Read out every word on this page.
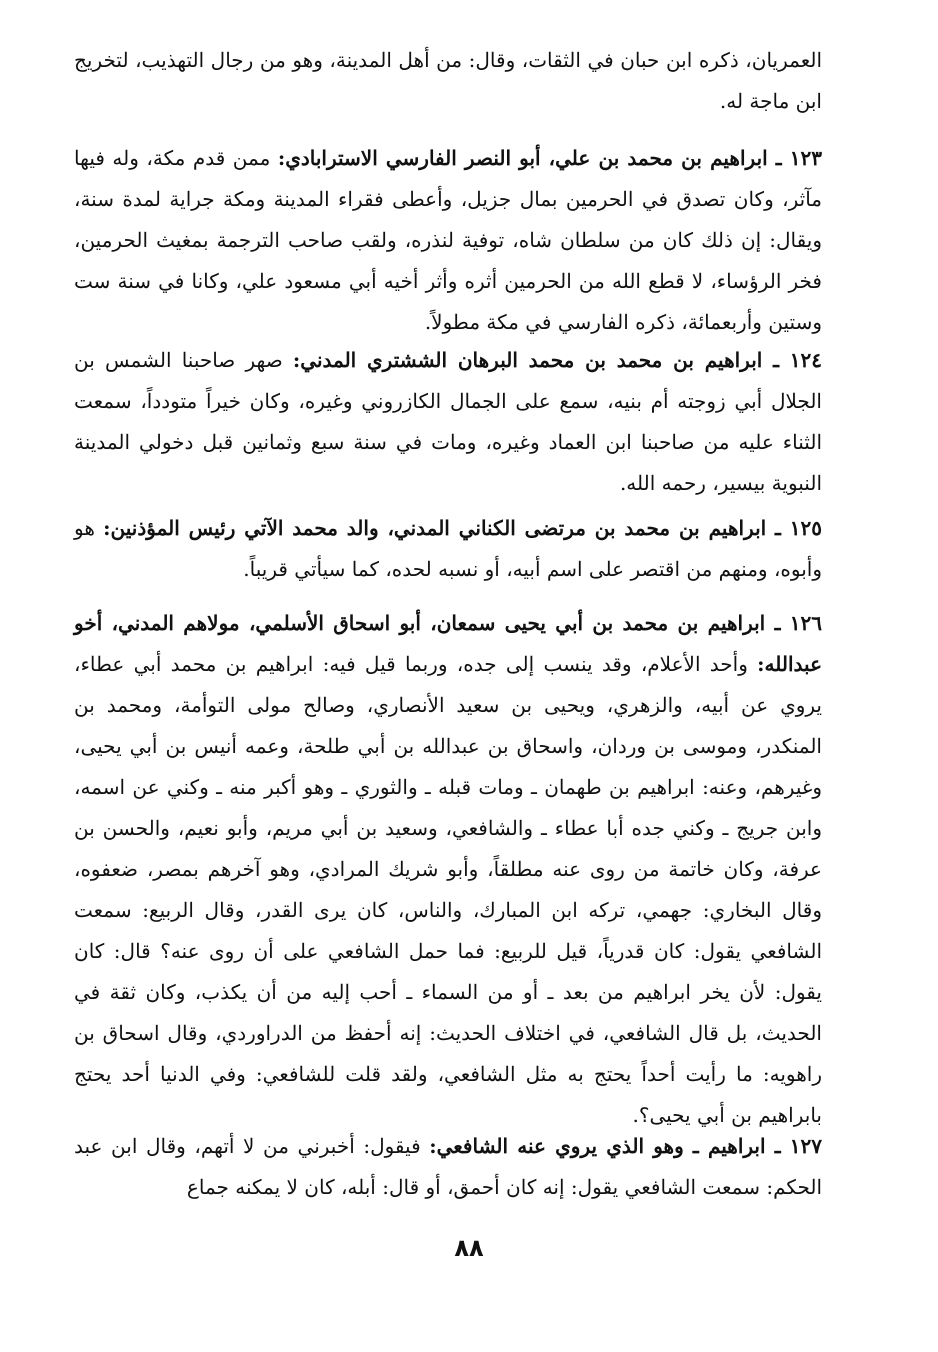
العمريان، ذكره ابن حبان في الثقات، وقال: من أهل المدينة، وهو من رجال التهذيب، لتخريج ابن ماجة له.

١٢٣ ـ ابراهيم بن محمد بن علي، أبو النصر الفارسي الاسترابادي: ممن قدم مكة، وله فيها مآثر، وكان تصدق في الحرمين بمال جزيل، وأعطى فقراء المدينة ومكة جراية لمدة سنة، ويقال: إن ذلك كان من سلطان شاه، توفية لنذره، ولقب صاحب الترجمة بمغيث الحرمين، فخر الرؤساء، لا قطع الله من الحرمين أثره وأثر أخيه أبي مسعود علي، وكانا في سنة ست وستين وأربعمائة، ذكره الفارسي في مكة مطولاً.

١٢٤ ـ ابراهيم بن محمد بن محمد البرهان الششتري المدني: صهر صاحبنا الشمس بن الجلال أبي زوجته أم بنيه، سمع على الجمال الكازروني وغيره، وكان خيراً متودداً، سمعت الثناء عليه من صاحبنا ابن العماد وغيره، ومات في سنة سبع وثمانين قبل دخولي المدينة النبوية بيسير، رحمه الله.

١٢٥ ـ ابراهيم بن محمد بن مرتضى الكناني المدني، والد محمد الآتي رئيس المؤذنين: هو وأبوه، ومنهم من اقتصر على اسم أبيه، أو نسبه لحده، كما سيأتي قريباً.

١٢٦ ـ ابراهيم بن محمد بن أبي يحيى سمعان، أبو اسحاق الأسلمي، مولاهم المدني، أخو عبدالله: وأحد الأعلام، وقد ينسب إلى جده، وربما قيل فيه: ابراهيم بن محمد أبي عطاء، يروي عن أبيه، والزهري، ويحيى بن سعيد الأنصاري، وصالح مولى التوأمة، ومحمد بن المنكدر، وموسى بن وردان، واسحاق بن عبدالله بن أبي طلحة، وعمه أنيس بن أبي يحيى، وغيرهم، وعنه: ابراهيم بن طهمان ـ ومات قبله ـ والثوري ـ وهو أكبر منه ـ وكني عن اسمه، وابن جريج ـ وكني جده أبا عطاء ـ والشافعي، وسعيد بن أبي مريم، وأبو نعيم، والحسن بن عرفة، وكان خاتمة من روى عنه مطلقاً، وأبو شريك المرادي، وهو آخرهم بمصر، ضعفوه، وقال البخاري: جهمي، تركه ابن المبارك، والناس، كان يرى القدر، وقال الربيع: سمعت الشافعي يقول: كان قدرياً، قيل للربيع: فما حمل الشافعي على أن روى عنه؟ قال: كان يقول: لأن يخر ابراهيم من بعد ـ أو من السماء ـ أحب إليه من أن يكذب، وكان ثقة في الحديث، بل قال الشافعي، في اختلاف الحديث: إنه أحفظ من الدراوردي، وقال اسحاق بن راهويه: ما رأيت أحداً يحتج به مثل الشافعي، ولقد قلت للشافعي: وفي الدنيا أحد يحتج بابراهيم بن أبي يحيى؟.

١٢٧ ـ ابراهيم ـ وهو الذي يروي عنه الشافعي: فيقول: أخبرني من لا أتهم، وقال ابن عبد الحكم: سمعت الشافعي يقول: إنه كان أحمق، أو قال: أبله، كان لا يمكنه جماع

٨٨
